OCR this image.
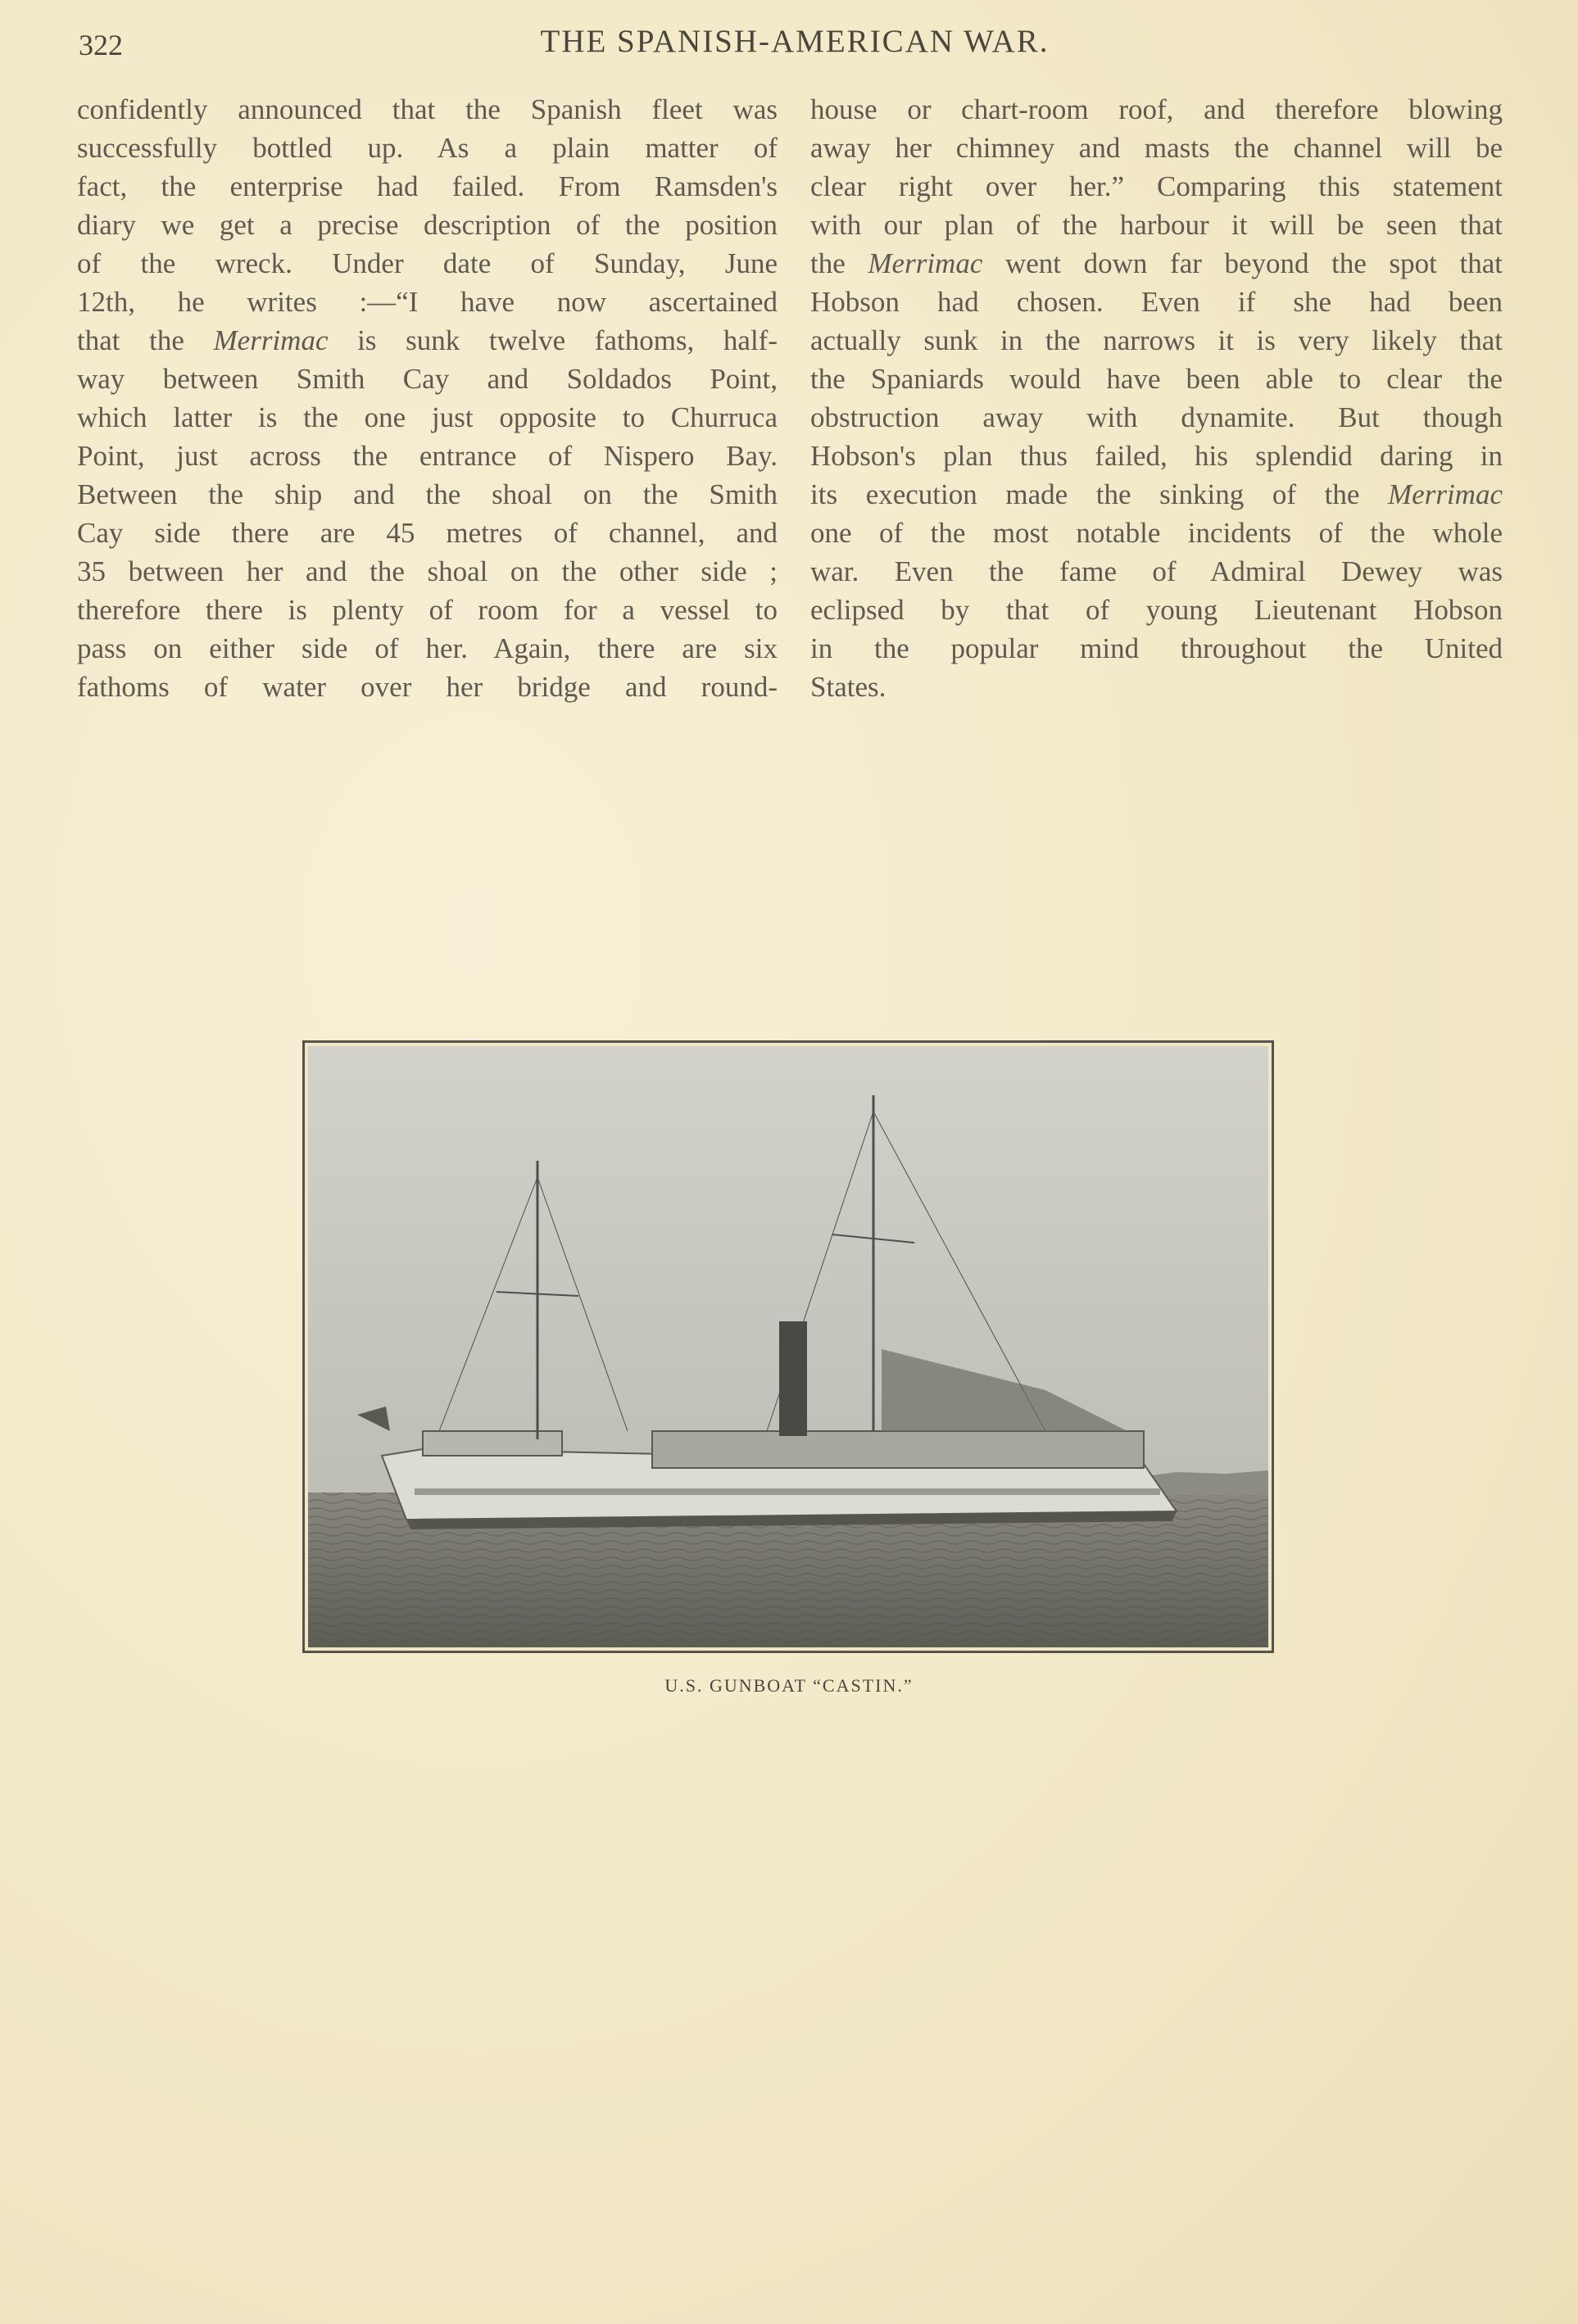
322	THE SPANISH-AMERICAN WAR.
confidently announced that the Spanish fleet was
successfully bottled up. As a plain matter of
fact, the enterprise had failed. From Ramsden's
diary we get a precise description of the position
of the wreck. Under date of Sunday, June
12th, he writes :—“I have now ascertained
that the Merrimac is sunk twelve fathoms, half-
way between Smith Cay and Soldados Point,
which latter is the one just opposite to Churruca
Point, just across the entrance of Nispero Bay.
Between the ship and the shoal on the Smith
Cay side there are 45 metres of channel, and
35 between her and the shoal on the other side ;
therefore there is plenty of room for a vessel to
pass on either side of her. Again, there are six
fathoms of water over her bridge and round-
house or chart-room roof, and therefore blowing
away her chimney and masts the channel will be
clear right over her.” Comparing this statement
with our plan of the harbour it will be seen that
the Merrimac went down far beyond the spot that
Hobson had chosen. Even if she had been
actually sunk in the narrows it is very likely that
the Spaniards would have been able to clear the
obstruction away with dynamite. But though
Hobson's plan thus failed, his splendid daring in
its execution made the sinking of the Merrimac
one of the most notable incidents of the whole
war. Even the fame of Admiral Dewey was
eclipsed by that of young Lieutenant Hobson
in the popular mind throughout the United
States.
U.S. GUNBOAT “CASTIN.”
